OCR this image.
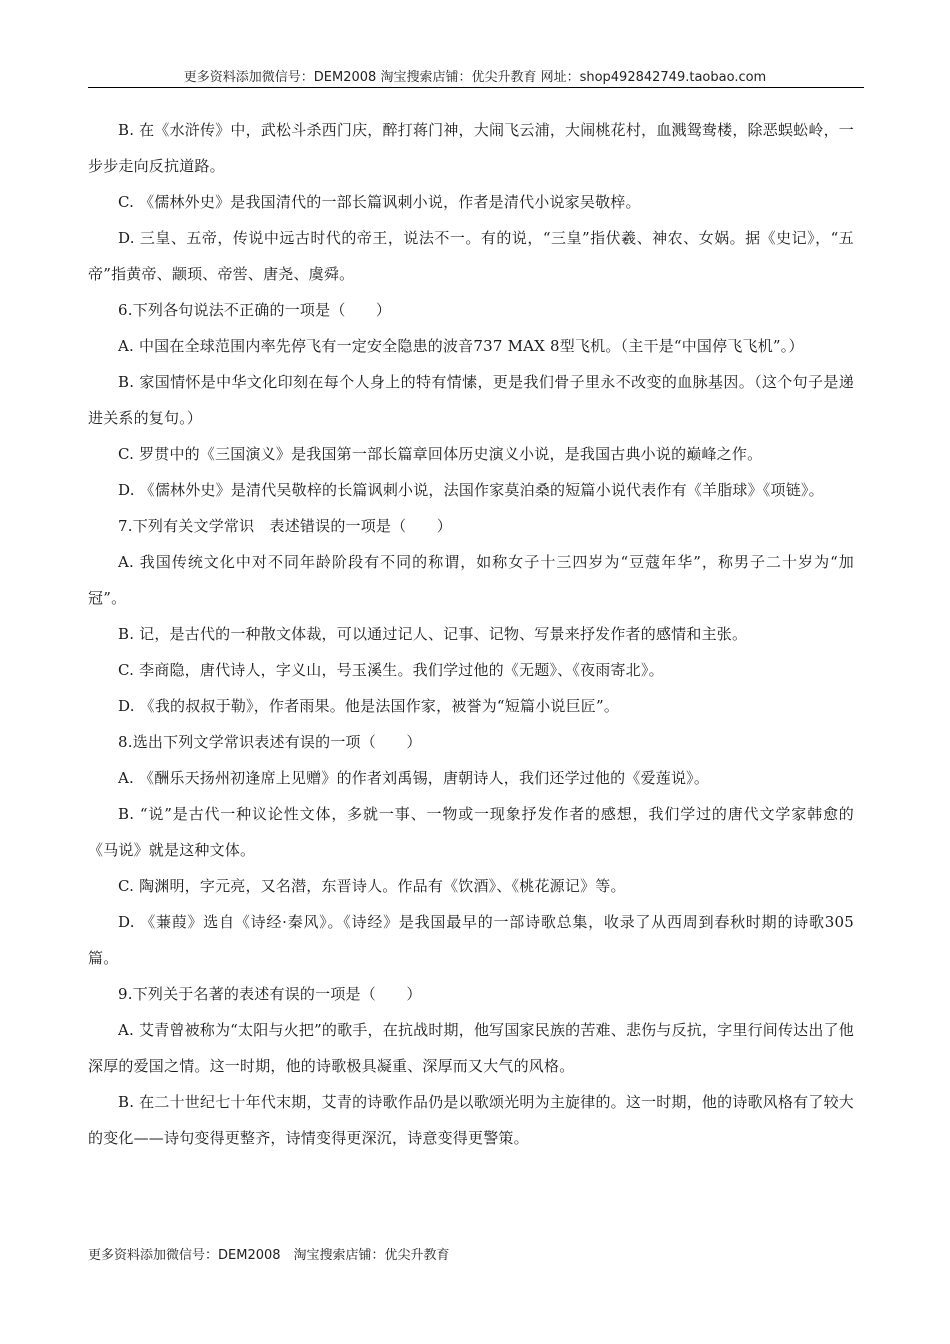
更多资料添加微信号：DEM2008 淘宝搜索店铺：优尖升教育 网址：shop492842749.taobao.com

B. 在《水浒传》中，武松斗杀西门庆，醉打蒋门神，大闹飞云浦，大闹桃花村，血溅鸳鸯楼，除恶蜈蚣岭，一步步走向反抗道路。

C. 《儒林外史》是我国清代的一部长篇讽刺小说，作者是清代小说家吴敬梓。

D. 三皇、五帝，传说中远古时代的帝王，说法不一。有的说，“三皇”指伏羲、神农、女娲。据《史记》，“五帝”指黄帝、颛顼、帝喾、唐尧、虞舜。

6.下列各句说法不正确的一项是（　　）

A. 中国在全球范围内率先停飞有一定安全隐患的波音737 MAX 8型飞机。（主干是“中国停飞飞机”。）

B. 家国情怀是中华文化印刻在每个人身上的特有情愫，更是我们骨子里永不改变的血脉基因。（这个句子是递进关系的复句。）

C. 罗贯中的《三国演义》是我国第一部长篇章回体历史演义小说，是我国古典小说的巅峰之作。

D. 《儒林外史》是清代吴敬梓的长篇讽刺小说，法国作家莫泊桑的短篇小说代表作有《羊脂球》《项链》。

7.下列有关文学常识　表述错误的一项是（　　）

A. 我国传统文化中对不同年龄阶段有不同的称谓，如称女子十三四岁为“豆蔻年华”，称男子二十岁为“加冠”。

B. 记，是古代的一种散文体裁，可以通过记人、记事、记物、写景来抒发作者的感情和主张。

C. 李商隐，唐代诗人，字义山，号玉溪生。我们学过他的《无题》、《夜雨寄北》。

D. 《我的叔叔于勒》，作者雨果。他是法国作家，被誉为“短篇小说巨匠”。

8.选出下列文学常识表述有误的一项（　　）

A. 《酬乐天扬州初逢席上见赠》的作者刘禹锡，唐朝诗人，我们还学过他的《爱莲说》。

B. “说”是古代一种议论性文体，多就一事、一物或一现象抒发作者的感想，我们学过的唐代文学家韩愈的《马说》就是这种文体。

C. 陶渊明，字元亮，又名潜，东晋诗人。作品有《饮酒》、《桃花源记》等。

D. 《蒹葭》选自《诗经·秦风》。《诗经》是我国最早的一部诗歌总集，收录了从西周到春秋时期的诗歌305篇。

9.下列关于名著的表述有误的一项是（　　）

A. 艾青曾被称为“太阳与火把”的歌手，在抗战时期，他写国家民族的苦难、悲伤与反抗，字里行间传达出了他深厚的爱国之情。这一时期，他的诗歌极具凝重、深厚而又大气的风格。

B. 在二十世纪七十年代末期，艾青的诗歌作品仍是以歌颂光明为主旋律的。这一时期，他的诗歌风格有了较大的变化——诗句变得更整齐，诗情变得更深沉，诗意变得更警策。

更多资料添加微信号：DEM2008　淘宝搜索店铺：优尖升教育
